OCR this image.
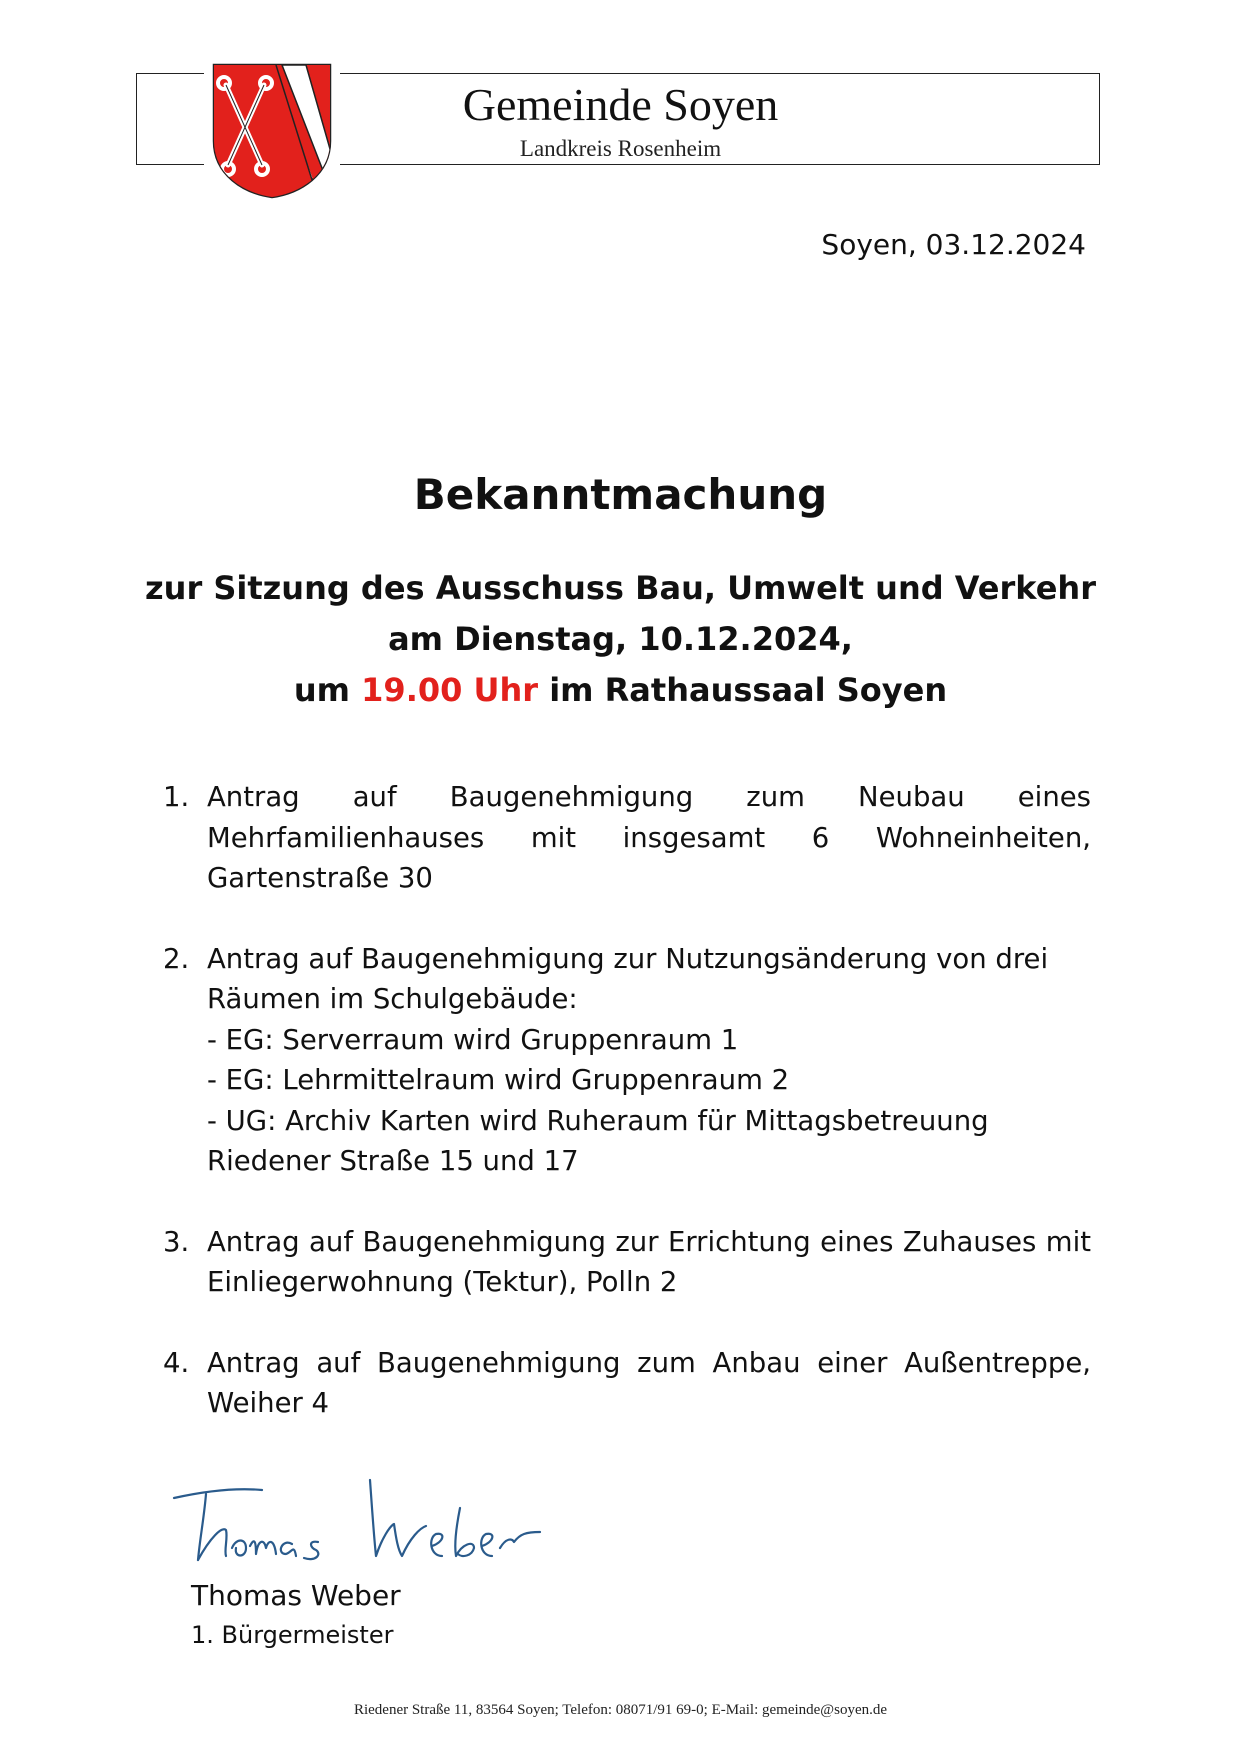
Gemeinde Soyen
Landkreis Rosenheim
Soyen, 03.12.2024
Bekanntmachung
zur Sitzung des Ausschuss Bau, Umwelt und Verkehr
am Dienstag, 10.12.2024,
um 19.00 Uhr im Rathaussaal Soyen
1. Antrag auf Baugenehmigung zum Neubau eines Mehrfamilienhauses mit insgesamt 6 Wohneinheiten, Gartenstraße 30
2. Antrag auf Baugenehmigung zur Nutzungsänderung von drei
Räumen im Schulgebäude:
- EG: Serverraum wird Gruppenraum 1
- EG: Lehrmittelraum wird Gruppenraum 2
- UG: Archiv Karten wird Ruheraum für Mittagsbetreuung
Riedener Straße 15 und 17
3. Antrag auf Baugenehmigung zur Errichtung eines Zuhauses mit Einliegerwohnung (Tektur), Polln 2
4. Antrag auf Baugenehmigung zum Anbau einer Außentreppe, Weiher 4
Thomas Weber
1. Bürgermeister
Riedener Straße 11, 83564 Soyen; Telefon: 08071/91 69-0; E-Mail: gemeinde@soyen.de
